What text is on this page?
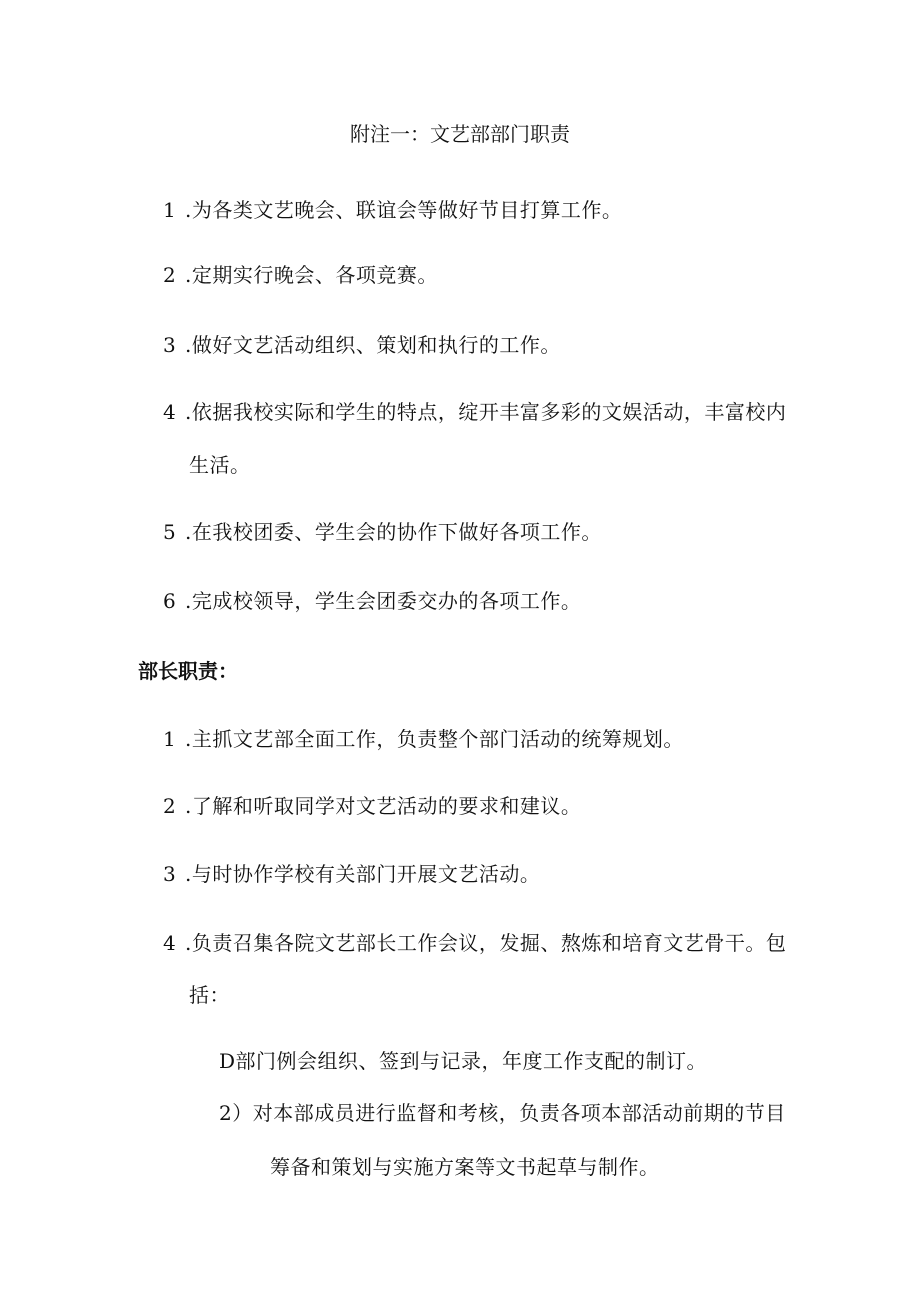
附注一：文艺部部门职责
1 .为各类文艺晚会、联谊会等做好节目打算工作。
2 .定期实行晚会、各项竞赛。
3 .做好文艺活动组织、策划和执行的工作。
4 .依据我校实际和学生的特点，绽开丰富多彩的文娱活动，丰富校内
生活。
5 .在我校团委、学生会的协作下做好各项工作。
6 .完成校领导，学生会团委交办的各项工作。
部长职责：
1 .主抓文艺部全面工作，负责整个部门活动的统筹规划。
2 .了解和听取同学对文艺活动的要求和建议。
3 .与时协作学校有关部门开展文艺活动。
4 .负责召集各院文艺部长工作会议，发掘、熬炼和培育文艺骨干。包
括：
D部门例会组织、签到与记录，年度工作支配的制订。
2）对本部成员进行监督和考核，负责各项本部活动前期的节目
筹备和策划与实施方案等文书起草与制作。
